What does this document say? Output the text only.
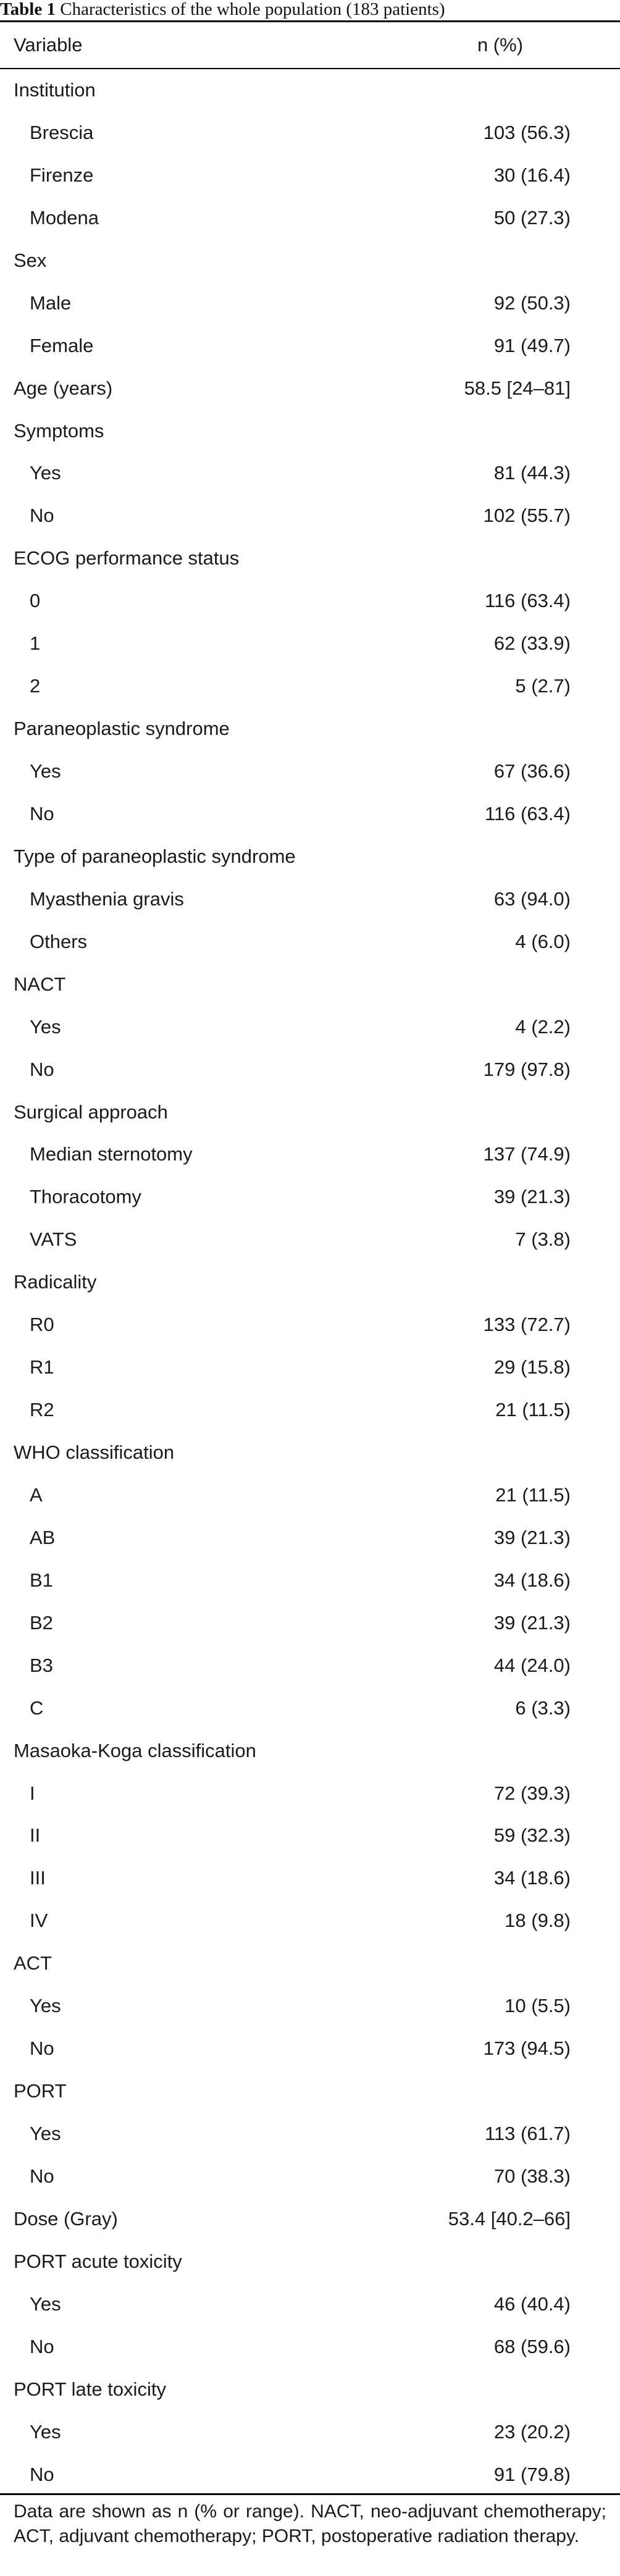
Table 1 Characteristics of the whole population (183 patients)
Variable	n (%)
Institution
Brescia	103 (56.3)
Firenze	30 (16.4)
Modena	50 (27.3)
Sex
Male	92 (50.3)
Female	91 (49.7)
Age (years)	58.5 [24–81]
Symptoms
Yes	81 (44.3)
No	102 (55.7)
ECOG performance status
0	116 (63.4)
1	62 (33.9)
2	5 (2.7)
Paraneoplastic syndrome
Yes	67 (36.6)
No	116 (63.4)
Type of paraneoplastic syndrome
Myasthenia gravis	63 (94.0)
Others	4 (6.0)
NACT
Yes	4 (2.2)
No	179 (97.8)
Surgical approach
Median sternotomy	137 (74.9)
Thoracotomy	39 (21.3)
VATS	7 (3.8)
Radicality
R0	133 (72.7)
R1	29 (15.8)
R2	21 (11.5)
WHO classification
A	21 (11.5)
AB	39 (21.3)
B1	34 (18.6)
B2	39 (21.3)
B3	44 (24.0)
C	6 (3.3)
Masaoka-Koga classification
I	72 (39.3)
II	59 (32.3)
III	34 (18.6)
IV	18 (9.8)
ACT
Yes	10 (5.5)
No	173 (94.5)
PORT
Yes	113 (61.7)
No	70 (38.3)
Dose (Gray)	53.4 [40.2–66]
PORT acute toxicity
Yes	46 (40.4)
No	68 (59.6)
PORT late toxicity
Yes	23 (20.2)
No	91 (79.8)
Data are shown as n (% or range). NACT, neo-adjuvant chemotherapy; ACT, adjuvant chemotherapy; PORT, postoperative radiation therapy.
